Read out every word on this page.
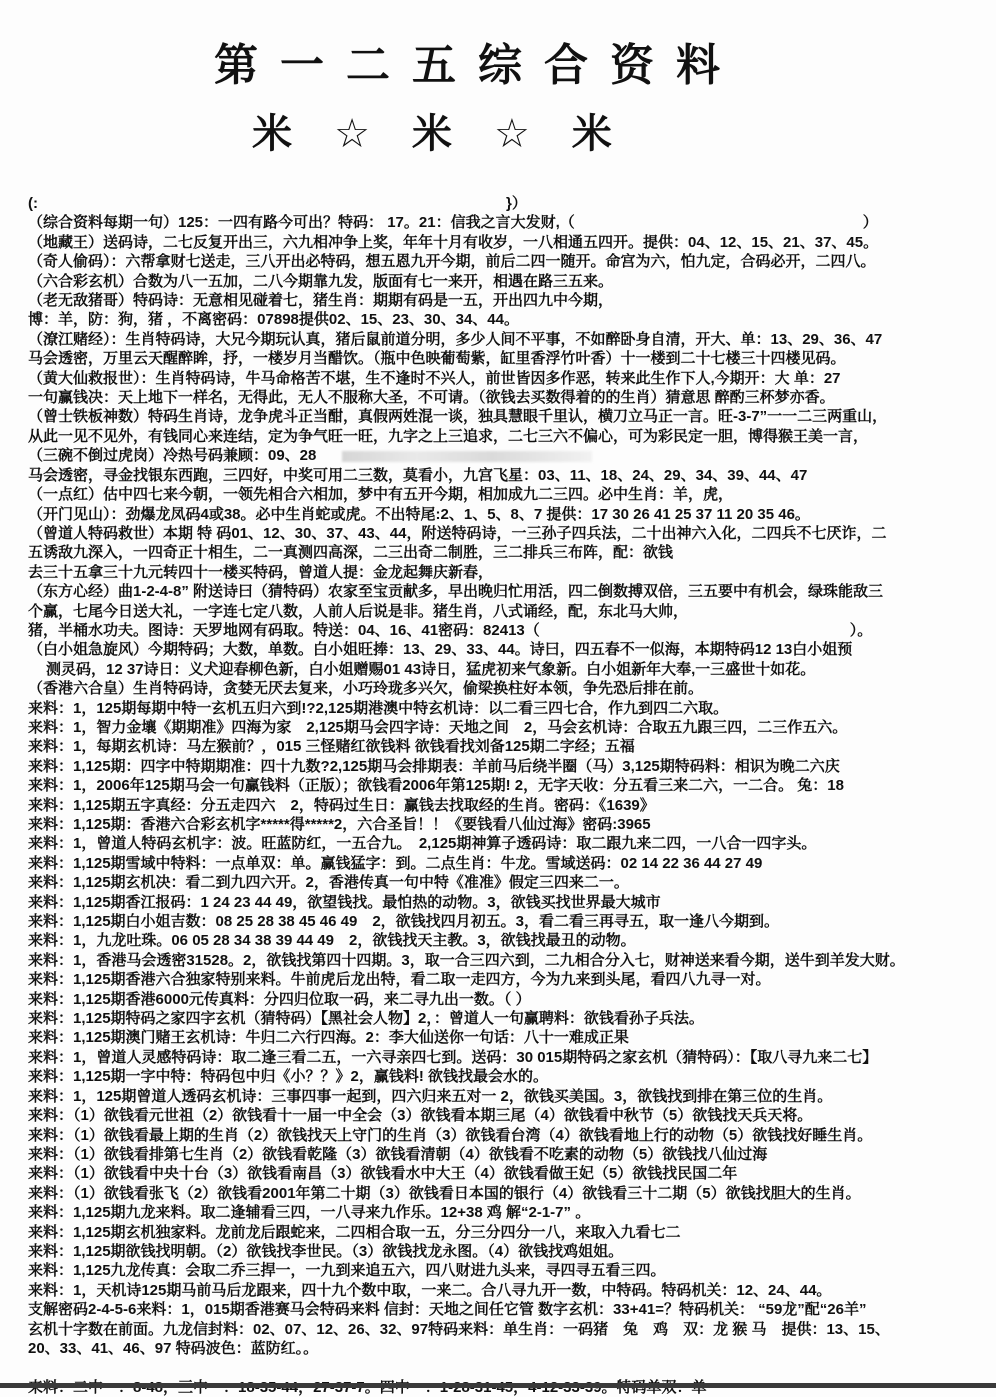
第一二五综合资料
米☆米☆米
(:	}）
（综合资料每期一句）125：一四有路今可出？特码： 17。21：信我之言大发财,（	）
（地藏王）送码诗，二七反复开出三，六九相冲争上奖，年年十月有收岁，一八相通五四开。提供：04、12、15、21、37、45。
（奇人偷码）：六帮拿财七送走，三八开出必特码，想五恩九开今期，前后二四一随开。命宫为六，怕九定，合码必开，二四八。
（六合彩玄机）合数为八一五加，二八今期靠九发，版面有七一来开，相遇在路三五来。
（老无敌猪哥）特码诗：无意相见碰着七，猪生肖：期期有码是一五，开出四九中今期，
博：羊，防：狗，猪 ，不离密码：07898提供02、15、23、30、34、44。
（潦江赌经）：生肖特码诗，大兄今期玩认真，猪后鼠前道分明，多少人间不平事，不如醉卧身自清，开大、单：13、29、36、47
马会透密，万里云天醒醉眸，抒，一楼岁月当醋饮。（瓶中色映葡萄紫，缸里香浮竹叶香）十一楼到二十七楼三十四楼见码。
（黄大仙救报世）：生肖特码诗，牛马命格苦不堪，生不逢时不兴人，前世皆因多作恶，转来此生作下人,今期开：大 单：27
一句赢钱决：天上地下一样名，无得此，无人不服称大圣，不可请。（欲钱去买数得着的的生肖）猜意思 醉酌三杯梦亦香。
（曾士铁板神数）特码生肖诗，龙争虎斗正当酣，真假两姓混一谈，独具慧眼千里认，横刀立马正一言。旺-3-7”一一二三两重山，
从此一见不见外，有钱同心来连结，定为争气旺一旺，九字之上三追求，二七三六不偏心，可为彩民定一胆，博得猴王美一言，
（三碗不倒过虎岗）冷热号码兼顾：09、28
马会透密，寻金找银东西跑，三四好，中奖可用二三数，莫看小，九宫飞星：03、11、18、24、29、34、39、44、47
（一点红）估中四七来今朝，一领先相合六相加，梦中有五开今期，相加成九二三四。必中生肖：羊，虎，
（开门见山）：劲爆龙凤码4或38。必中生肖蛇或虎。不出特尾:2、1、5、8、7 提供：17 30 26 41 25 37 11 20 35 46。
（曾道人特码救世）本期 特 码01、12、30、37、43、44，附送特码诗，一三孙子四兵法，二十出神六入化，二四兵不七厌诈，二
五诱敌九深入，一四奇正十相生，二一真测四高深，二三出奇二制胜，三二排兵三布阵，配：欲钱
去三十五拿三十九元转四十一楼买特码，曾道人提：金龙起舞庆新春，
（东方心经）曲1-2-4-8” 附送诗曰（猜特码）农家至宝贡献多，早出晚归忙用活，四二倒数搏双倍，三五要中有机会，绿珠能敌三
个赢，七尾今日送大礼，一字连七定八数，人前人后说是非。猪生肖，八式诵经，配，东北马大帅，
猪，半桶水功夫。图诗：天罗地网有码取。特送：04、16、41密码：82413（	）。
（白小姐急旋风）今期特码；大数，单数。白小姐旺捧：13、29、33、44。诗曰，四五春不一似海，本期特码12 13白小姐预
测灵码，12 37诗日：义犬迎春柳色新，白小姐赠赐01 43诗日，猛虎初来气象新。白小姐新年大奉,一三盛世十如花。
（香港六合皇）生肖特码诗，贪婪无厌去复来，小巧玲珑多兴欠，偷梁换柱好本领，争先恐后排在前。
来料：1，125期每期中特一玄机五归六到!?2,125期港澳中特玄机诗：以二看三四七合，作九到四二六取。
来料：1，智力金壤《期期准》四海为家　2,125期马会四字诗：天地之间　2，马会玄机诗：合取五九跟三四，二三作五六。
来料：1，每期玄机诗：马左猴前？，015 三怪赌红欲钱料 欲钱看找刘备125期二字经；五福
来料：1,125期：四字中特期期准：四十九数?2,125期马会排期表：羊前马后绕半圈（马）3,125期特码料：相识为晚二六庆
来料：1，2006年125期马会一句赢钱料（正版）；欲钱看2006年第125期! 2，无字天收：分五看三来二六，一二合。 兔：18
来料：1,125期五字真经：分五走四六　2，特码过生日：赢钱去找取经的生肖。密码：《1639》
来料：1,125期：香港六合彩玄机字*****得*****2，六合圣旨！！《要钱看八仙过海》密码:3965
来料：1，曾道人特码玄机字：波。旺蓝防红，一五合九。　2,125期神算子透码诗：取二跟九来二四，一八合一四字头。
来料：1,125期雪域中特料：一点单双：单。赢钱猛字：到。二点生肖：牛龙。雪域送码：02 14 22 36 44 27 49
来料：1,125期玄机决：看二到九四六开。2，香港传真一句中特《准准》假定三四来二一。
来料：1,125期香江报码：1 24 23 44 49，欲望钱找。最怕热的动物。3，欲钱买找世界最大城市
来料：1,125期白小姐吉数：08 25 28 38 45 46 49　2，欲钱找四月初五。3，看二看三再寻五，取一逢八今期到。
来料：1，九龙吐珠。06 05 28 34 38 39 44 49　2，欲钱找天主教。3，欲钱找最丑的动物。
来料：1，香港马会透密31528。2，欲钱找第四十四期。3，取一合三四六到，二九相合分入七，财神送来看今期，送牛到羊发大财。
来料：1,125期香港六合独家特别来料。牛前虎后龙出特，看二取一走四方，今为九来到头尾，看四八九寻一对。
来料：1,125期香港6000元传真料：分四归位取一码，来二寻九出一数。（ ）
来料：1,125期特码之家四字玄机（猜特码）【黑社会人物】2，：曾道人一句赢聘料：欲钱看孙子兵法。
来料：1,125期澳门赌王玄机诗：牛归二六行四海。2：李大仙送你一句话：八十一难成正果
来料：1，曾道人灵感特码诗：取二逢三看二五，一六寻亲四七到。送码：30 015期特码之家玄机（猜特码）：【取八寻九来二七】
来料：1,125期一字中特：特码包中归《小？？》2，赢钱料! 欲钱找最会水的。
来料：1，125期曾道人透码玄机诗：三事四事一起到，四六归来五对一 2，欲钱买美国。3，欲钱找到排在第三位的生肖。
来料：（1）欲钱看元世祖（2）欲钱看十一届一中全会（3）欲钱看本期三尾（4）欲钱看中秋节（5）欲钱找天兵天将。
来料：（1）欲钱看最上期的生肖（2）欲钱找天上守门的生肖（3）欲钱看台湾（4）欲钱看地上行的动物（5）欲钱找好睡生肖。
来料：（1）欲钱看排第七生肖（2）欲钱看乾隆（3）欲钱看清朝（4）欲钱看不吃素的动物（5）欲钱找八仙过海
来料：（1）欲钱看中央十台（3）欲钱看南昌（3）欲钱看水中大王（4）欲钱看做王妃（5）欲钱找民国二年
来料：（1）欲钱看张飞（2）欲钱看2001年第二十期（3）欲钱看日本国的银行（4）欲钱看三十二期（5）欲钱找胆大的生肖。
来料：1,125期九龙来料。取二逢辅看三四，一八寻来九作乐。12+38 鸡 解“2-1-7” 。
来料：1,125期玄机独家料。龙前龙后跟蛇来，二四相合取一五，分三分四分一八，来取入九看七二
来料：1,125期欲钱找明朝。（2）欲钱找李世民。（3）欲钱找龙永图。（4）欲钱找鸡姐姐。
来料：1,125九龙传真：会取二乔三捍一，一九到来追五六，四八财进九头来，寻四寻五看三四。
来料：1，天机诗125期马前马后龙跟来，四十九个数中取，一来二。合八寻九开一数，中特码。特码机关：12、24、44。
支解密码2-4-5-6来料：1，015期香港赛马会特码来料 信封：天地之间任它管 数字玄机：33+41=？特码机关： “59龙”配“26羊”
玄机十字数在前面。九龙信封料：02、07、12、26、32、97特码来料：单生肖：一码猪　兔　鸡　双：龙 猴 马　提供：13、15、
20、33、41、46、97 特码波色：蓝防红。。
